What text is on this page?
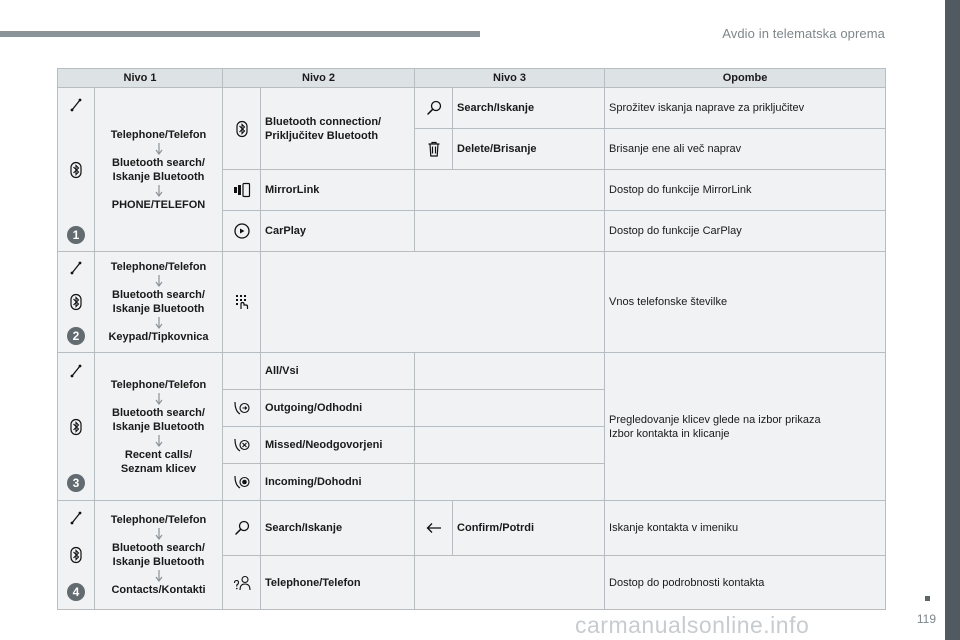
Avdio in telematska oprema
Nivo 1		Nivo 2		Nivo 3		Opombe

1	Telephone/Telefon
Bluetooth search/
Iskanje Bluetooth
PHONE/TELEFON		Bluetooth connection/
Priključitev Bluetooth		Search/Iskanje	Sprožitev iskanja naprave za priključitev

	Delete/Brisanje	Brisanje ene ali več naprav

	MirrorLink			Dostop do funkcije MirrorLink

	CarPlay			Dostop do funkcije CarPlay

2	Telephone/Telefon
Bluetooth search/
Iskanje Bluetooth
Keypad/Tipkovnica					Vnos telefonske številke

3	Telephone/Telefon
Bluetooth search/
Iskanje Bluetooth
Recent calls/
Seznam klicev		All/Vsi			Pregledovanje klicev glede na izbor prikaza
Izbor kontakta in klicanje

	Outgoing/Odhodni			

	Missed/Neodgovorjeni			

	Incoming/Dohodni			

4	Telephone/Telefon
Bluetooth search/
Iskanje Bluetooth
Contacts/Kontakti		Search/Iskanje		Confirm/Potrdi	Iskanje kontakta v imeniku

	Telephone/Telefon			Dostop do podrobnosti kontakta
carmanualsonline.info	119
